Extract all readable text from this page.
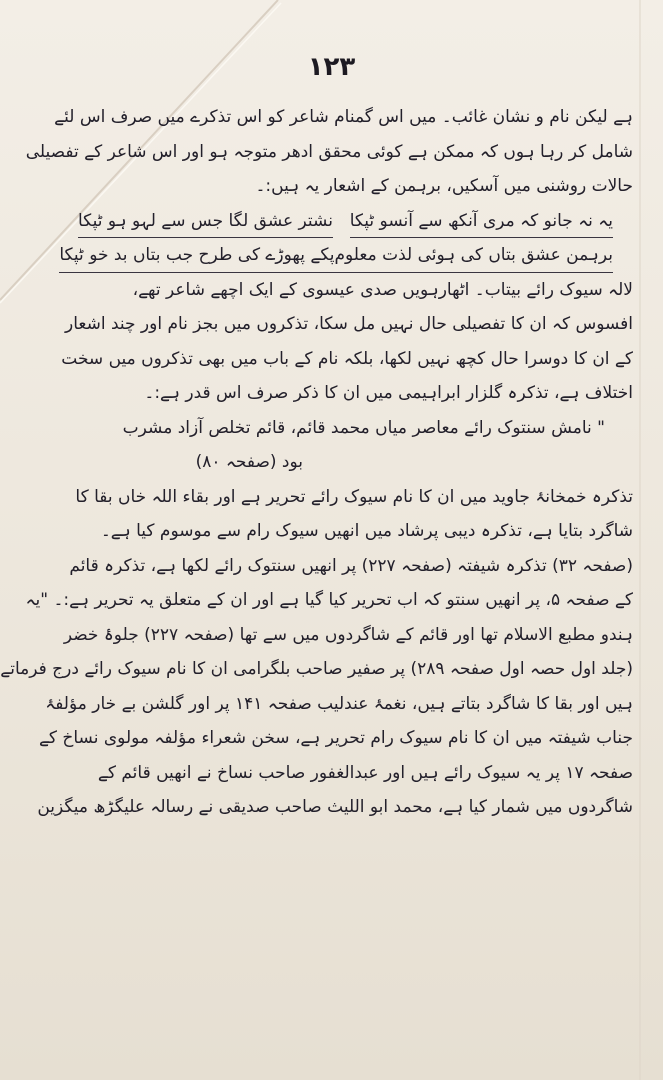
۱۲۳
ہے لیکن نام و نشان غائب۔ میں اس گمنام شاعر کو اس تذکرے میں صرف اس لئے
شامل کر رہا ہوں کہ ممکن ہے کوئی محقق ادھر متوجہ ہو اور اس شاعر کے تفصیلی
حالات روشنی میں آسکیں، برہمن کے اشعار یہ ہیں:۔
یہ نہ جانو کہ مری آنکھ سے آنسو ٹپکا
نشتر عشق لگا جس سے لہو ہو ٹپکا
برہمن عشق بتاں کی ہوئی لذت معلوم
پکے پھوڑے کی طرح جب بتاں بد خو ٹپکا
لالہ سیوک رائے بیتاب۔ اٹھارہویں صدی عیسوی کے ایک اچھے شاعر تھے،
افسوس کہ ان کا تفصیلی حال نہیں مل سکا، تذکروں میں بجز نام اور چند اشعار
کے ان کا دوسرا حال کچھ نہیں لکھا، بلکہ نام کے باب میں بھی تذکروں میں سخت
اختلاف ہے، تذکرہ گلزار ابراہیمی میں ان کا ذکر صرف اس قدر ہے:۔
" نامش سنتوک رائے معاصر میاں محمد قائم، قائم تخلص آزاد مشرب
بود (صفحہ ۸۰)
تذکرہ خمخانۂ جاوید میں ان کا نام سیوک رائے تحریر ہے اور بقاء اللہ خاں بقا کا
شاگرد بتایا ہے، تذکرہ دیبی پرشاد میں انھیں سیوک رام سے موسوم کیا ہے۔
(صفحہ ۳۲) تذکرہ شیفتہ (صفحہ ۲۲۷) پر انھیں سنتوک رائے لکھا ہے، تذکرہ قائم
کے صفحہ ۵، پر انھیں سنتو کہ اب تحریر کیا گیا ہے اور ان کے متعلق یہ تحریر ہے:۔ "یہ
ہندو مطبع الاسلام تھا اور قائم کے شاگردوں میں سے تھا (صفحہ ۲۲۷) جلوۂ خضر
(جلد اول حصہ اول صفحہ ۲۸۹) پر صفیر صاحب بلگرامی ان کا نام سیوک رائے درج فرماتے
ہیں اور بقا کا شاگرد بتاتے ہیں، نغمۂ عندلیب صفحہ ۱۴۱ پر اور گلشن بے خار مؤلفۂ
جناب شیفتہ میں ان کا نام سیوک رام تحریر ہے، سخن شعراء مؤلفہ مولوی نساخ کے
صفحہ ۱۷ پر یہ سیوک رائے ہیں اور عبدالغفور صاحب نساخ نے انھیں قائم کے
شاگردوں میں شمار کیا ہے، محمد ابو اللیث صاحب صدیقی نے رسالہ علیگڑھ میگزین
